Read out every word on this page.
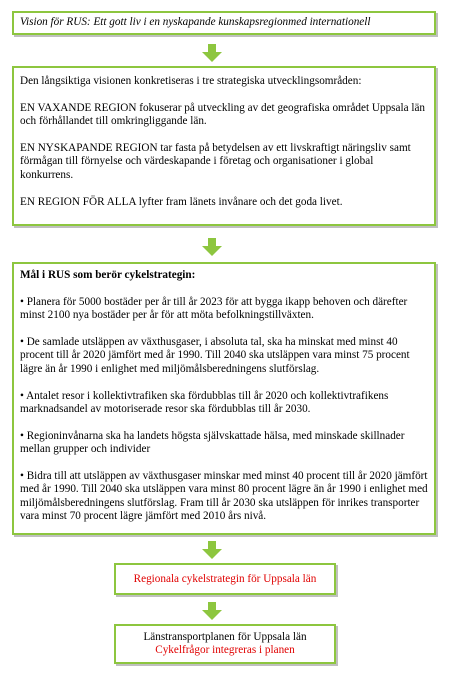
Vision för RUS: Ett gott liv i en nyskapande kunskapsregionmed internationell
Den långsiktiga visionen konkretiseras i tre strategiska utvecklingsområden:
EN VAXANDE REGION fokuserar på utveckling av det geografiska området Uppsala län och förhållandet till omkringliggande län.
EN NYSKAPANDE REGION tar fasta på betydelsen av ett livskraftigt näringsliv samt förmågan till förnyelse och värdeskapande i företag och organisationer i global konkurrens.
EN REGION FÖR ALLA lyfter fram länets invånare och det goda livet.
Mål i RUS som berör cykelstrategin:
• Planera för 5000 bostäder per år till år 2023 för att bygga ikapp behoven och därefter minst 2100 nya bostäder per år för att möta befolkningstillväxten.
• De samlade utsläppen av växthusgaser, i absoluta tal, ska ha minskat med minst 40 procent till år 2020 jämfört med år 1990. Till 2040 ska utsläppen vara minst 75 procent lägre än år 1990 i enlighet med miljömålsberedningens slutförslag.
• Antalet resor i kollektivtrafiken ska fördubblas till år 2020 och kollektivtrafikens marknadsandel av motoriserade resor ska fördubblas till år 2030.
• Regioninvånarna ska ha landets högsta självskattade hälsa, med minskade skillnader mellan grupper och individer
• Bidra till att utsläppen av växthusgaser minskar med minst 40 procent till år 2020 jämfört med år 1990. Till 2040 ska utsläppen vara minst 80 procent lägre än år 1990 i enlighet med miljömålsberedningens slutförslag. Fram till år 2030 ska utsläppen för inrikes transporter vara minst 70 procent lägre jämfört med 2010 års nivå.
Regionala cykelstrategin för Uppsala län
Länstransportplanen för Uppsala län
Cykelfrågor integreras i planen
